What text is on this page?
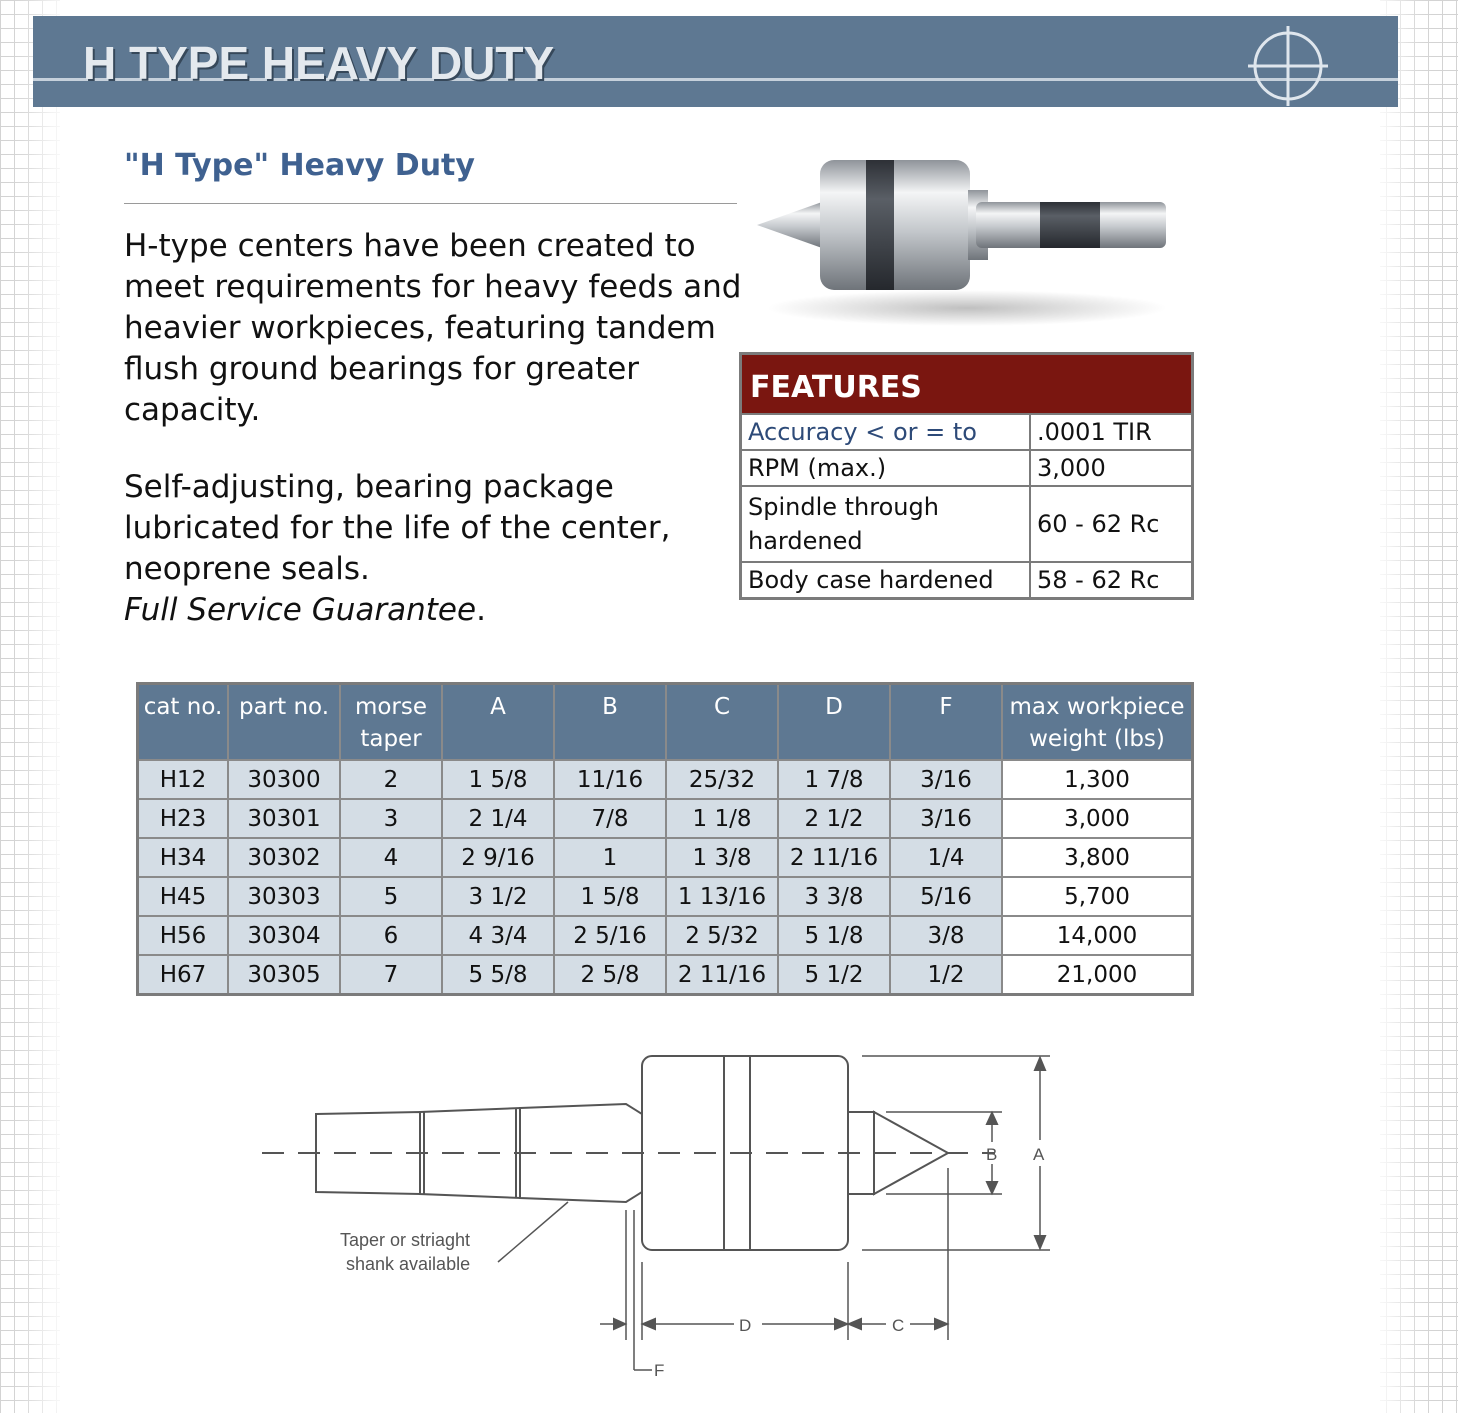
H TYPE HEAVY DUTY
"H Type" Heavy Duty

H-type centers have been created to meet requirements for heavy feeds and heavier workpieces, featuring tandem flush ground bearings for greater capacity.

Self-adjusting, bearing package lubricated for the life of the center, neoprene seals.
Full Service Guarantee.
FEATURES	
Accuracy < or = to	.0001 TIR
RPM (max.)	3,000
Spindle through hardened	60 - 62 Rc
Body case hardened	58 - 62 Rc
cat no.	part no.	morse taper	A	B	C	D	F	max workpiece weight (lbs)
H12	30300	2	1 5/8	11/16	25/32	1 7/8	3/16	1,300
H23	30301	3	2 1/4	7/8	1 1/8	2 1/2	3/16	3,000
H34	30302	4	2 9/16	1	1 3/8	2 11/16	1/4	3,800
H45	30303	5	3 1/2	1 5/8	1 13/16	3 3/8	5/16	5,700
H56	30304	6	4 3/4	2 5/16	2 5/32	5 1/8	3/8	14,000
H67	30305	7	5 5/8	2 5/8	2 11/16	5 1/2	1/2	21,000
Taper or striaght
shank available
B A
D	C
F
